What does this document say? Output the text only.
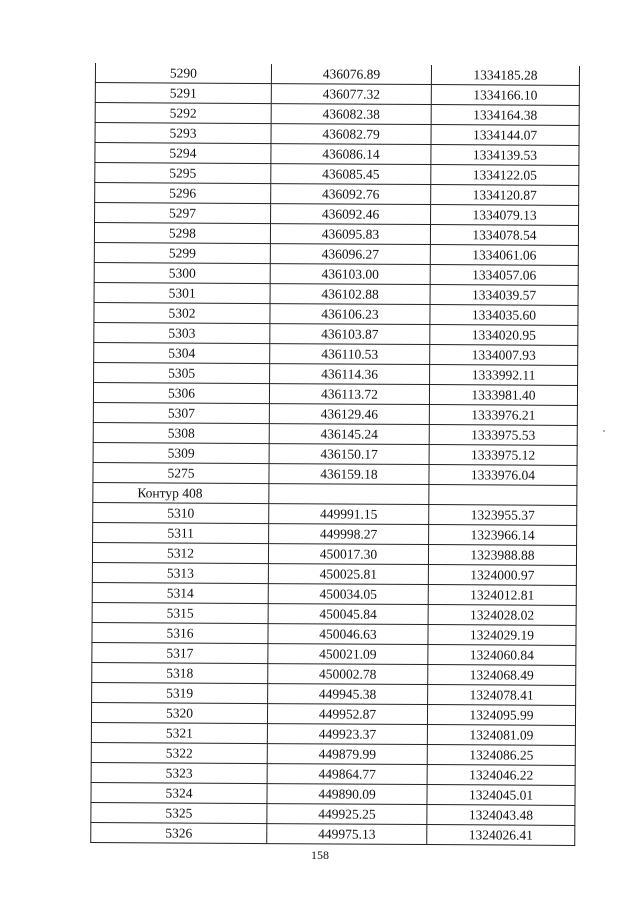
5290	436076.89	1334185.28
5291	436077.32	1334166.10
5292	436082.38	1334164.38
5293	436082.79	1334144.07
5294	436086.14	1334139.53
5295	436085.45	1334122.05
5296	436092.76	1334120.87
5297	436092.46	1334079.13
5298	436095.83	1334078.54
5299	436096.27	1334061.06
5300	436103.00	1334057.06
5301	436102.88	1334039.57
5302	436106.23	1334035.60
5303	436103.87	1334020.95
5304	436110.53	1334007.93
5305	436114.36	1333992.11
5306	436113.72	1333981.40
5307	436129.46	1333976.21
5308	436145.24	1333975.53
5309	436150.17	1333975.12
5275	436159.18	1333976.04
Контур 408		
5310	449991.15	1323955.37
5311	449998.27	1323966.14
5312	450017.30	1323988.88
5313	450025.81	1324000.97
5314	450034.05	1324012.81
5315	450045.84	1324028.02
5316	450046.63	1324029.19
5317	450021.09	1324060.84
5318	450002.78	1324068.49
5319	449945.38	1324078.41
5320	449952.87	1324095.99
5321	449923.37	1324081.09
5322	449879.99	1324086.25
5323	449864.77	1324046.22
5324	449890.09	1324045.01
5325	449925.25	1324043.48
5326	449975.13	1324026.41
158
